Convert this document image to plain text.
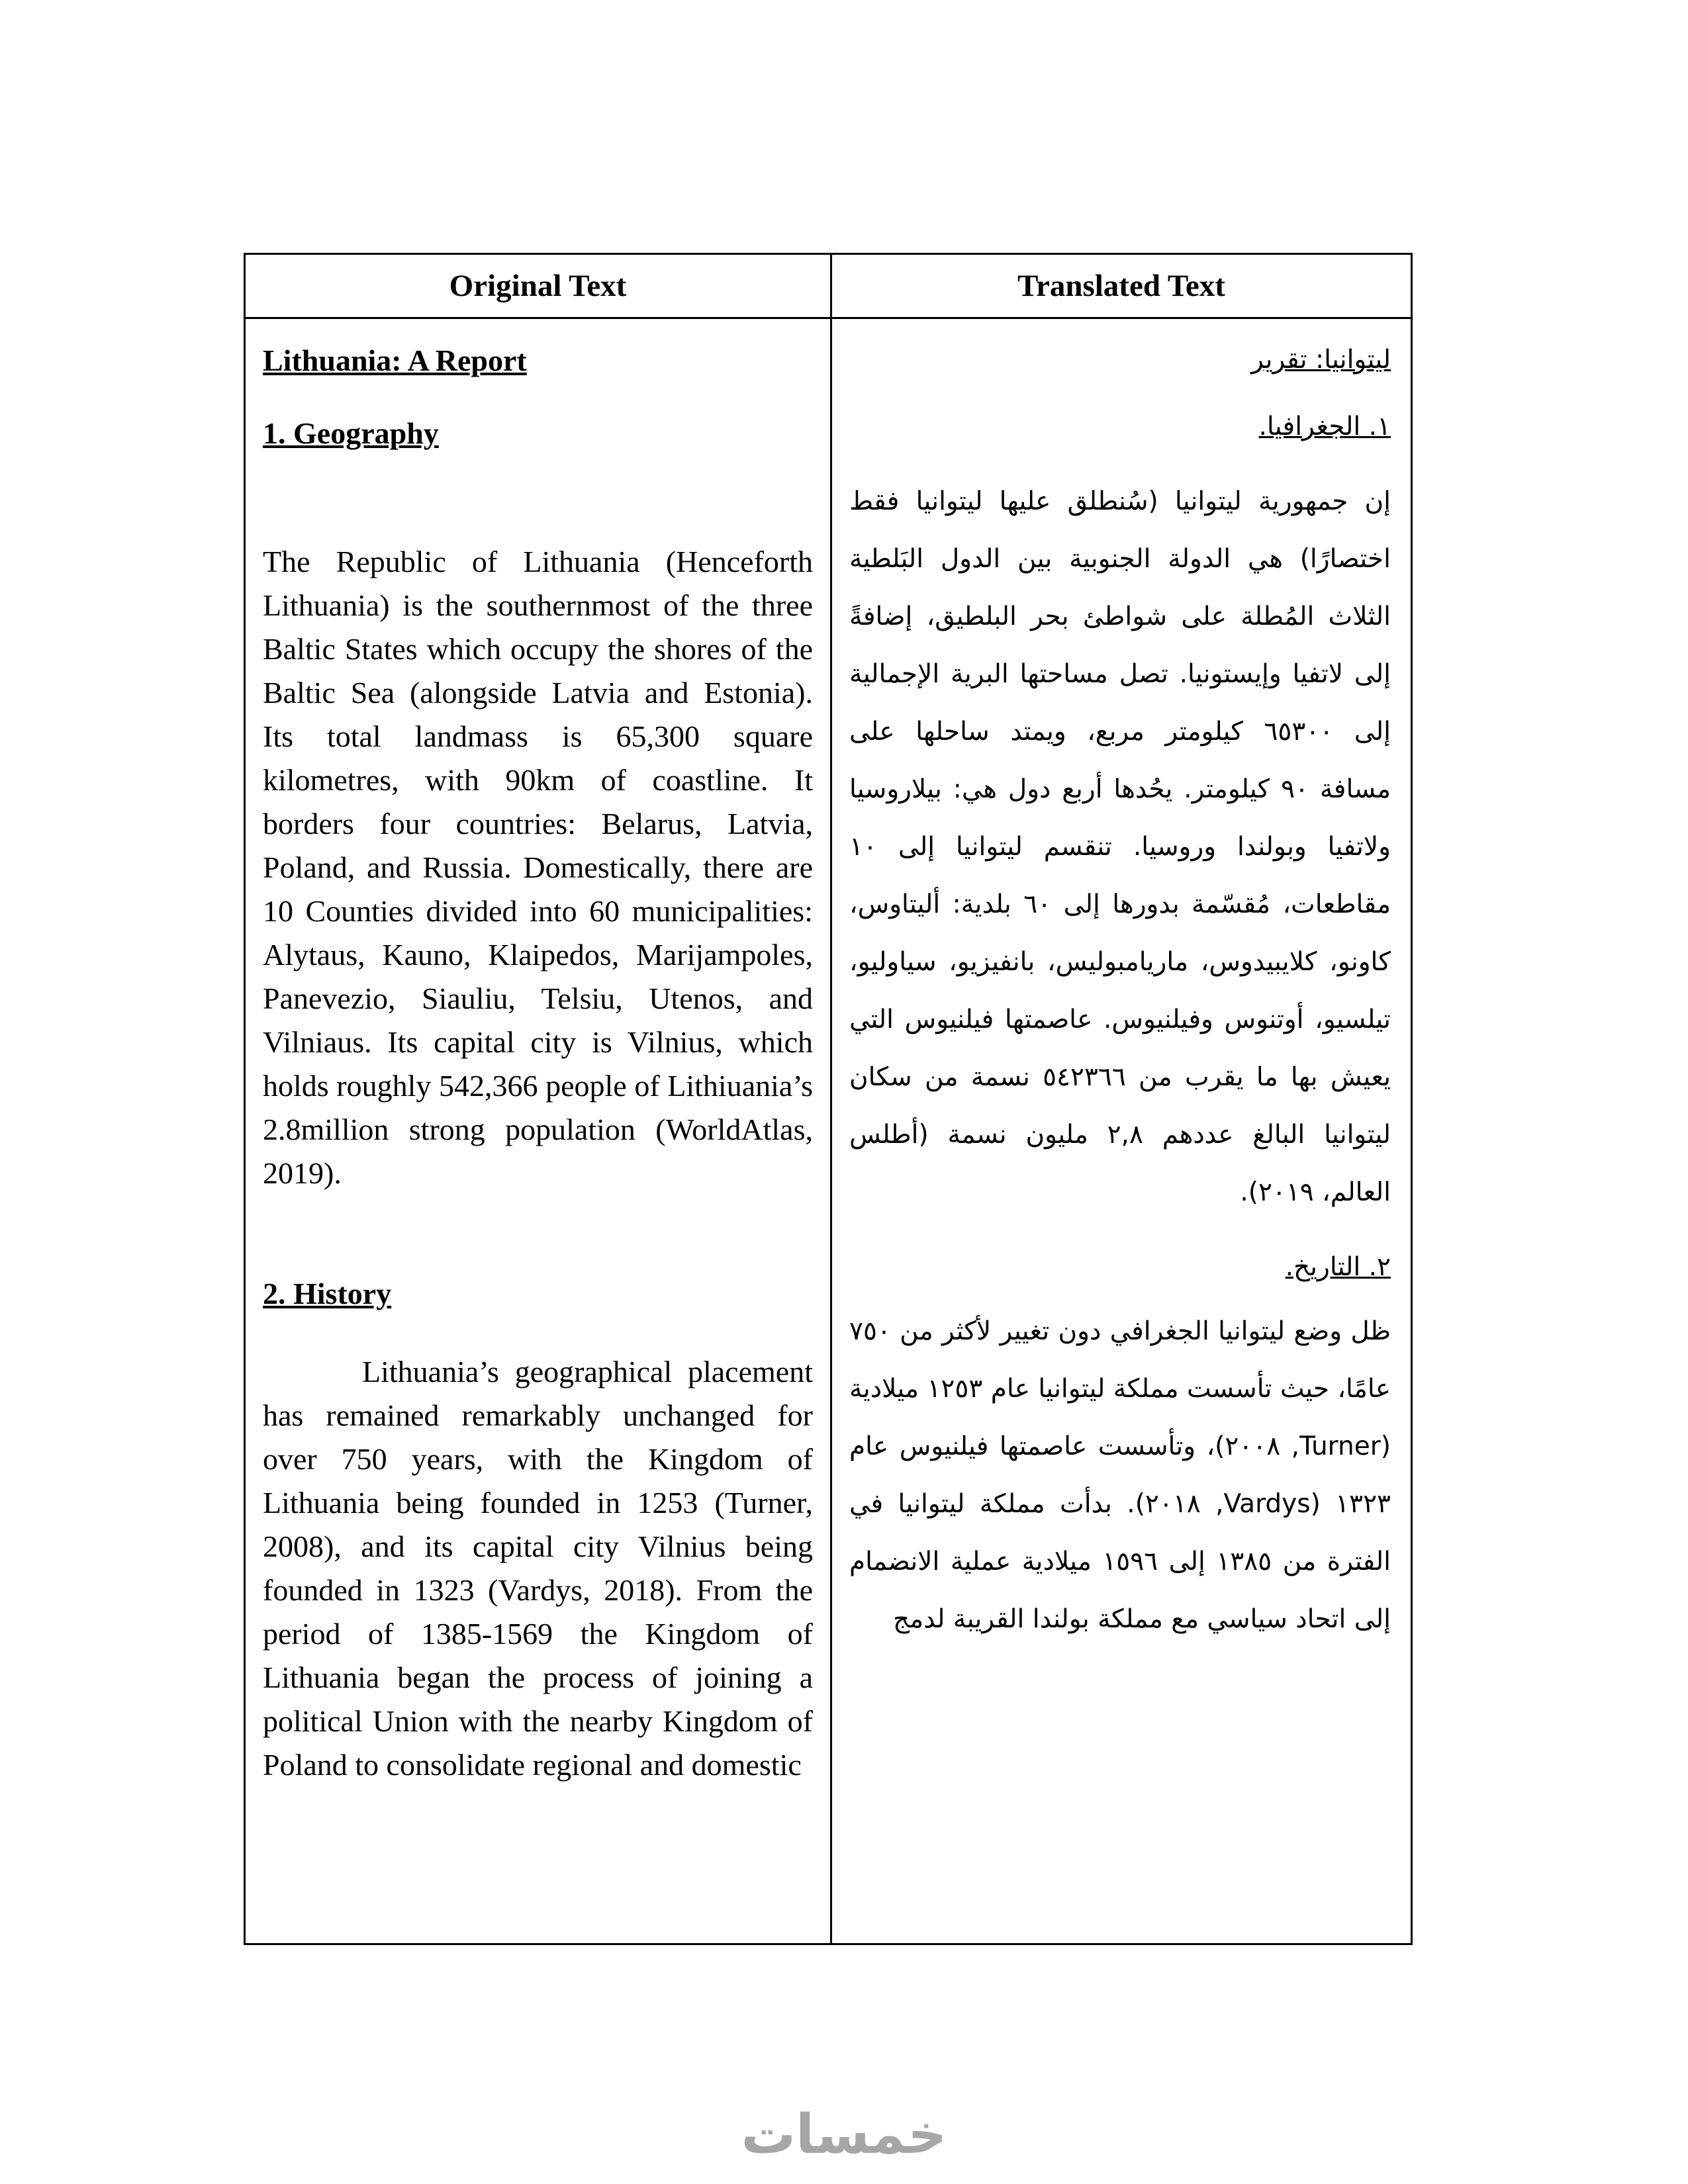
Original Text	Translated Text
Lithuania: A Report
1. Geography
The Republic of Lithuania (Henceforth Lithuania) is the southernmost of the three Baltic States which occupy the shores of the Baltic Sea (alongside Latvia and Estonia). Its total landmass is 65,300 square kilometres, with 90km of coastline. It borders four countries: Belarus, Latvia, Poland, and Russia. Domestically, there are 10 Counties divided into 60 municipalities: Alytaus, Kauno, Klaipedos, Marijampoles, Panevezio, Siauliu, Telsiu, Utenos, and Vilniaus. Its capital city is Vilnius, which holds roughly 542,366 people of Lithiuania’s 2.8million strong population (WorldAtlas, 2019).
2. History
Lithuania’s geographical placement has remained remarkably unchanged for over 750 years, with the Kingdom of Lithuania being founded in 1253 (Turner, 2008), and its capital city Vilnius being founded in 1323 (Vardys, 2018). From the period of 1385-1569 the Kingdom of Lithuania began the process of joining a political Union with the nearby Kingdom of Poland to consolidate regional and domestic
ليتوانيا: تقرير
١. الجغرافيا.
إن جمهورية ليتوانيا (سُنطلق عليها ليتوانيا فقط اختصارًا) هي الدولة الجنوبية بين الدول البَلطية الثلاث المُطلة على شواطئ بحر البلطيق، إضافةً إلى لاتفيا وإيستونيا. تصل مساحتها البرية الإجمالية إلى ٦٥٣٠٠ كيلومتر مربع، ويمتد ساحلها على مسافة ٩٠ كيلومتر. يحُدها أربع دول هي: بيلاروسيا ولاتفيا وبولندا وروسيا. تنقسم ليتوانيا إلى ١٠ مقاطعات، مُقسّمة بدورها إلى ٦٠ بلدية: أليتاوس، كاونو، كلايبيدوس، ماريامبوليس، بانفيزيو، سياوليو، تيلسيو، أوتنوس وفيلنيوس. عاصمتها فيلنيوس التي يعيش بها ما يقرب من ٥٤٢٣٦٦ نسمة من سكان ليتوانيا البالغ عددهم ٢,٨ مليون نسمة (أطلس العالم، ٢٠١٩).
٢. التاريخ.
ظل وضع ليتوانيا الجغرافي دون تغيير لأكثر من ٧٥٠ عامًا، حيث تأسست مملكة ليتوانيا عام ١٢٥٣ ميلادية (Turner, ٢٠٠٨)، وتأسست عاصمتها فيلنيوس عام ١٣٢٣ (Vardys, ٢٠١٨). بدأت مملكة ليتوانيا في الفترة من ١٣٨٥ إلى ١٥٩٦ ميلادية عملية الانضمام إلى اتحاد سياسي مع مملكة بولندا القريبة لدمج
خمسات
